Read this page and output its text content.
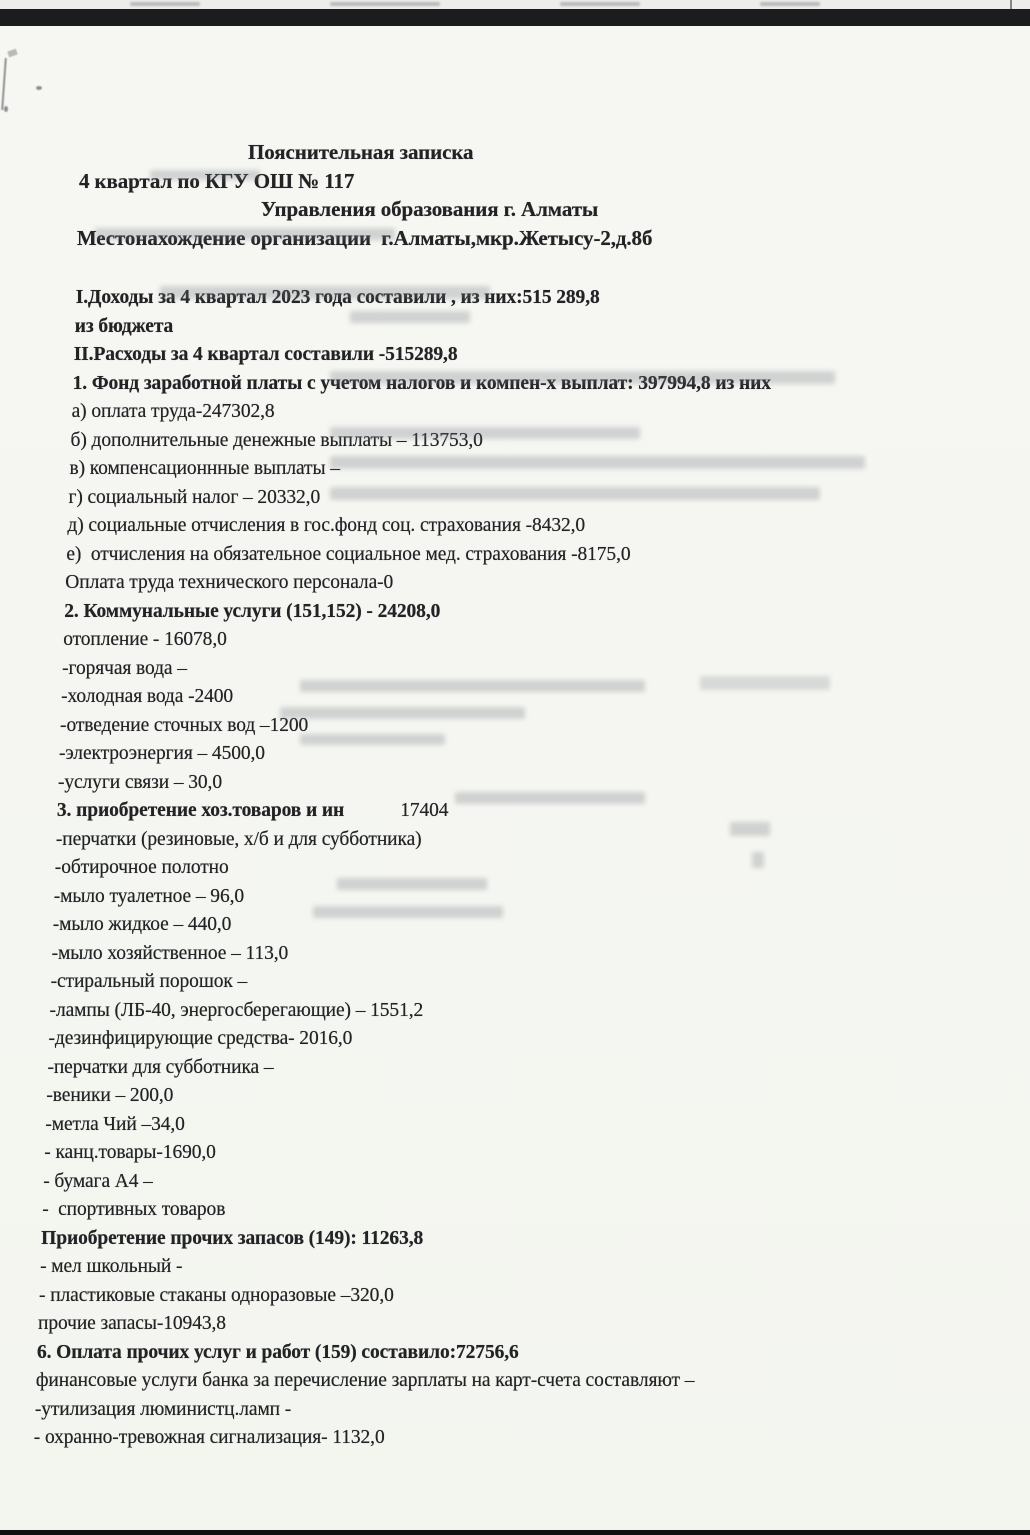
Пояснительная записка
4 квартал по КГУ ОШ № 117
Управления образования г. Алматы
Местонахождение организации  г.Алматы,мкр.Жетысу-2,д.8б
I.Доходы за 4 квартал 2023 года составили , из них:515 289,8
из бюджета
II.Расходы за 4 квартал составили -515289,8
1. Фонд заработной платы с учетом налогов и компен-х выплат: 397994,8 из них
а) оплата труда-247302,8
б) дополнительные денежные выплаты – 113753,0
в) компенсационнные выплаты –
г) социальный налог – 20332,0
д) социальные отчисления в гос.фонд соц. страхования -8432,0
е)  отчисления на обязательное социальное мед. страхования -8175,0
Оплата труда технического персонала-0
2. Коммунальные услуги (151,152) - 24208,0
отопление - 16078,0
-горячая вода –
-холодная вода -2400
-отведение сточных вод –1200
-электроэнергия – 4500,0
-услуги связи – 30,0
3. приобретение хоз.товаров и ин	17404
-перчатки (резиновые, х/б и для субботника)
-обтирочное полотно
-мыло туалетное – 96,0
-мыло жидкое – 440,0
-мыло хозяйственное – 113,0
-стиральный порошок –
-лампы (ЛБ-40, энергосберегающие) – 1551,2
-дезинфицирующие средства- 2016,0
-перчатки для субботника –
-веники – 200,0
-метла Чий –34,0
- канц.товары-1690,0
- бумага А4 –
-  спортивных товаров
Приобретение прочих запасов (149): 11263,8
- мел школьный -
- пластиковые стаканы одноразовые –320,0
прочие запасы-10943,8
6. Оплата прочих услуг и работ (159) составило:72756,6
финансовые услуги банка за перечисление зарплаты на карт-счета составляют –
-утилизация люминистц.ламп -
- охранно-тревожная сигнализация- 1132,0
